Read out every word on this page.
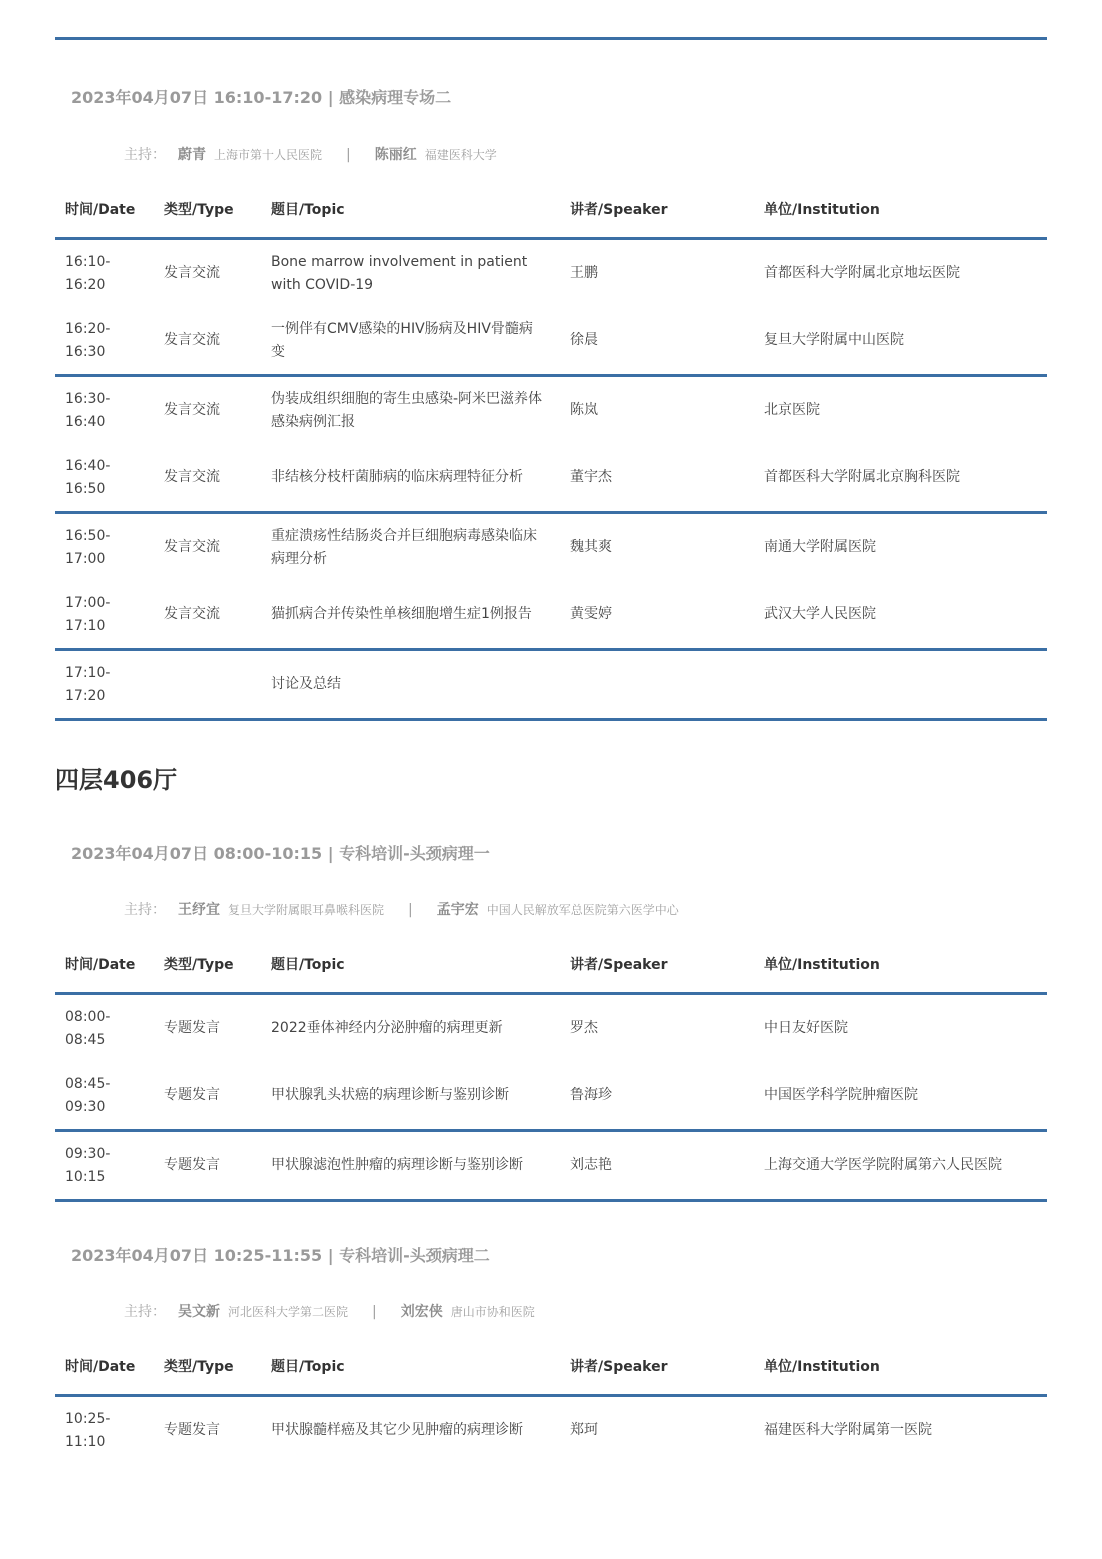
2023年04月07日 16:10-17:20 | 感染病理专场二
主持： 蔚青 上海市第十人民医院 | 陈丽红 福建医科大学
时间/Date	类型/Type	题目/Topic	讲者/Speaker	单位/Institution
16:10-
16:20	发言交流	Bone marrow involvement in patient with COVID-19	王鹏	首都医科大学附属北京地坛医院
16:20-
16:30	发言交流	一例伴有CMV感染的HIV肠病及HIV骨髓病变	徐晨	复旦大学附属中山医院
16:30-
16:40	发言交流	伪装成组织细胞的寄生虫感染-阿米巴滋养体感染病例汇报	陈岚	北京医院
16:40-
16:50	发言交流	非结核分枝杆菌肺病的临床病理特征分析	董宇杰	首都医科大学附属北京胸科医院
16:50-
17:00	发言交流	重症溃疡性结肠炎合并巨细胞病毒感染临床病理分析	魏其爽	南通大学附属医院
17:00-
17:10	发言交流	猫抓病合并传染性单核细胞增生症1例报告	黄雯婷	武汉大学人民医院
17:10-
17:20		讨论及总结		
四层406厅
2023年04月07日 08:00-10:15 | 专科培训-头颈病理一
主持： 王纾宜 复旦大学附属眼耳鼻喉科医院 | 孟宇宏 中国人民解放军总医院第六医学中心
时间/Date	类型/Type	题目/Topic	讲者/Speaker	单位/Institution
08:00-
08:45	专题发言	2022垂体神经内分泌肿瘤的病理更新	罗杰	中日友好医院
08:45-
09:30	专题发言	甲状腺乳头状癌的病理诊断与鉴别诊断	鲁海珍	中国医学科学院肿瘤医院
09:30-
10:15	专题发言	甲状腺滤泡性肿瘤的病理诊断与鉴别诊断	刘志艳	上海交通大学医学院附属第六人民医院
2023年04月07日 10:25-11:55 | 专科培训-头颈病理二
主持： 吴文新 河北医科大学第二医院 | 刘宏侠 唐山市协和医院
时间/Date	类型/Type	题目/Topic	讲者/Speaker	单位/Institution
10:25-
11:10	专题发言	甲状腺髓样癌及其它少见肿瘤的病理诊断	郑珂	福建医科大学附属第一医院
